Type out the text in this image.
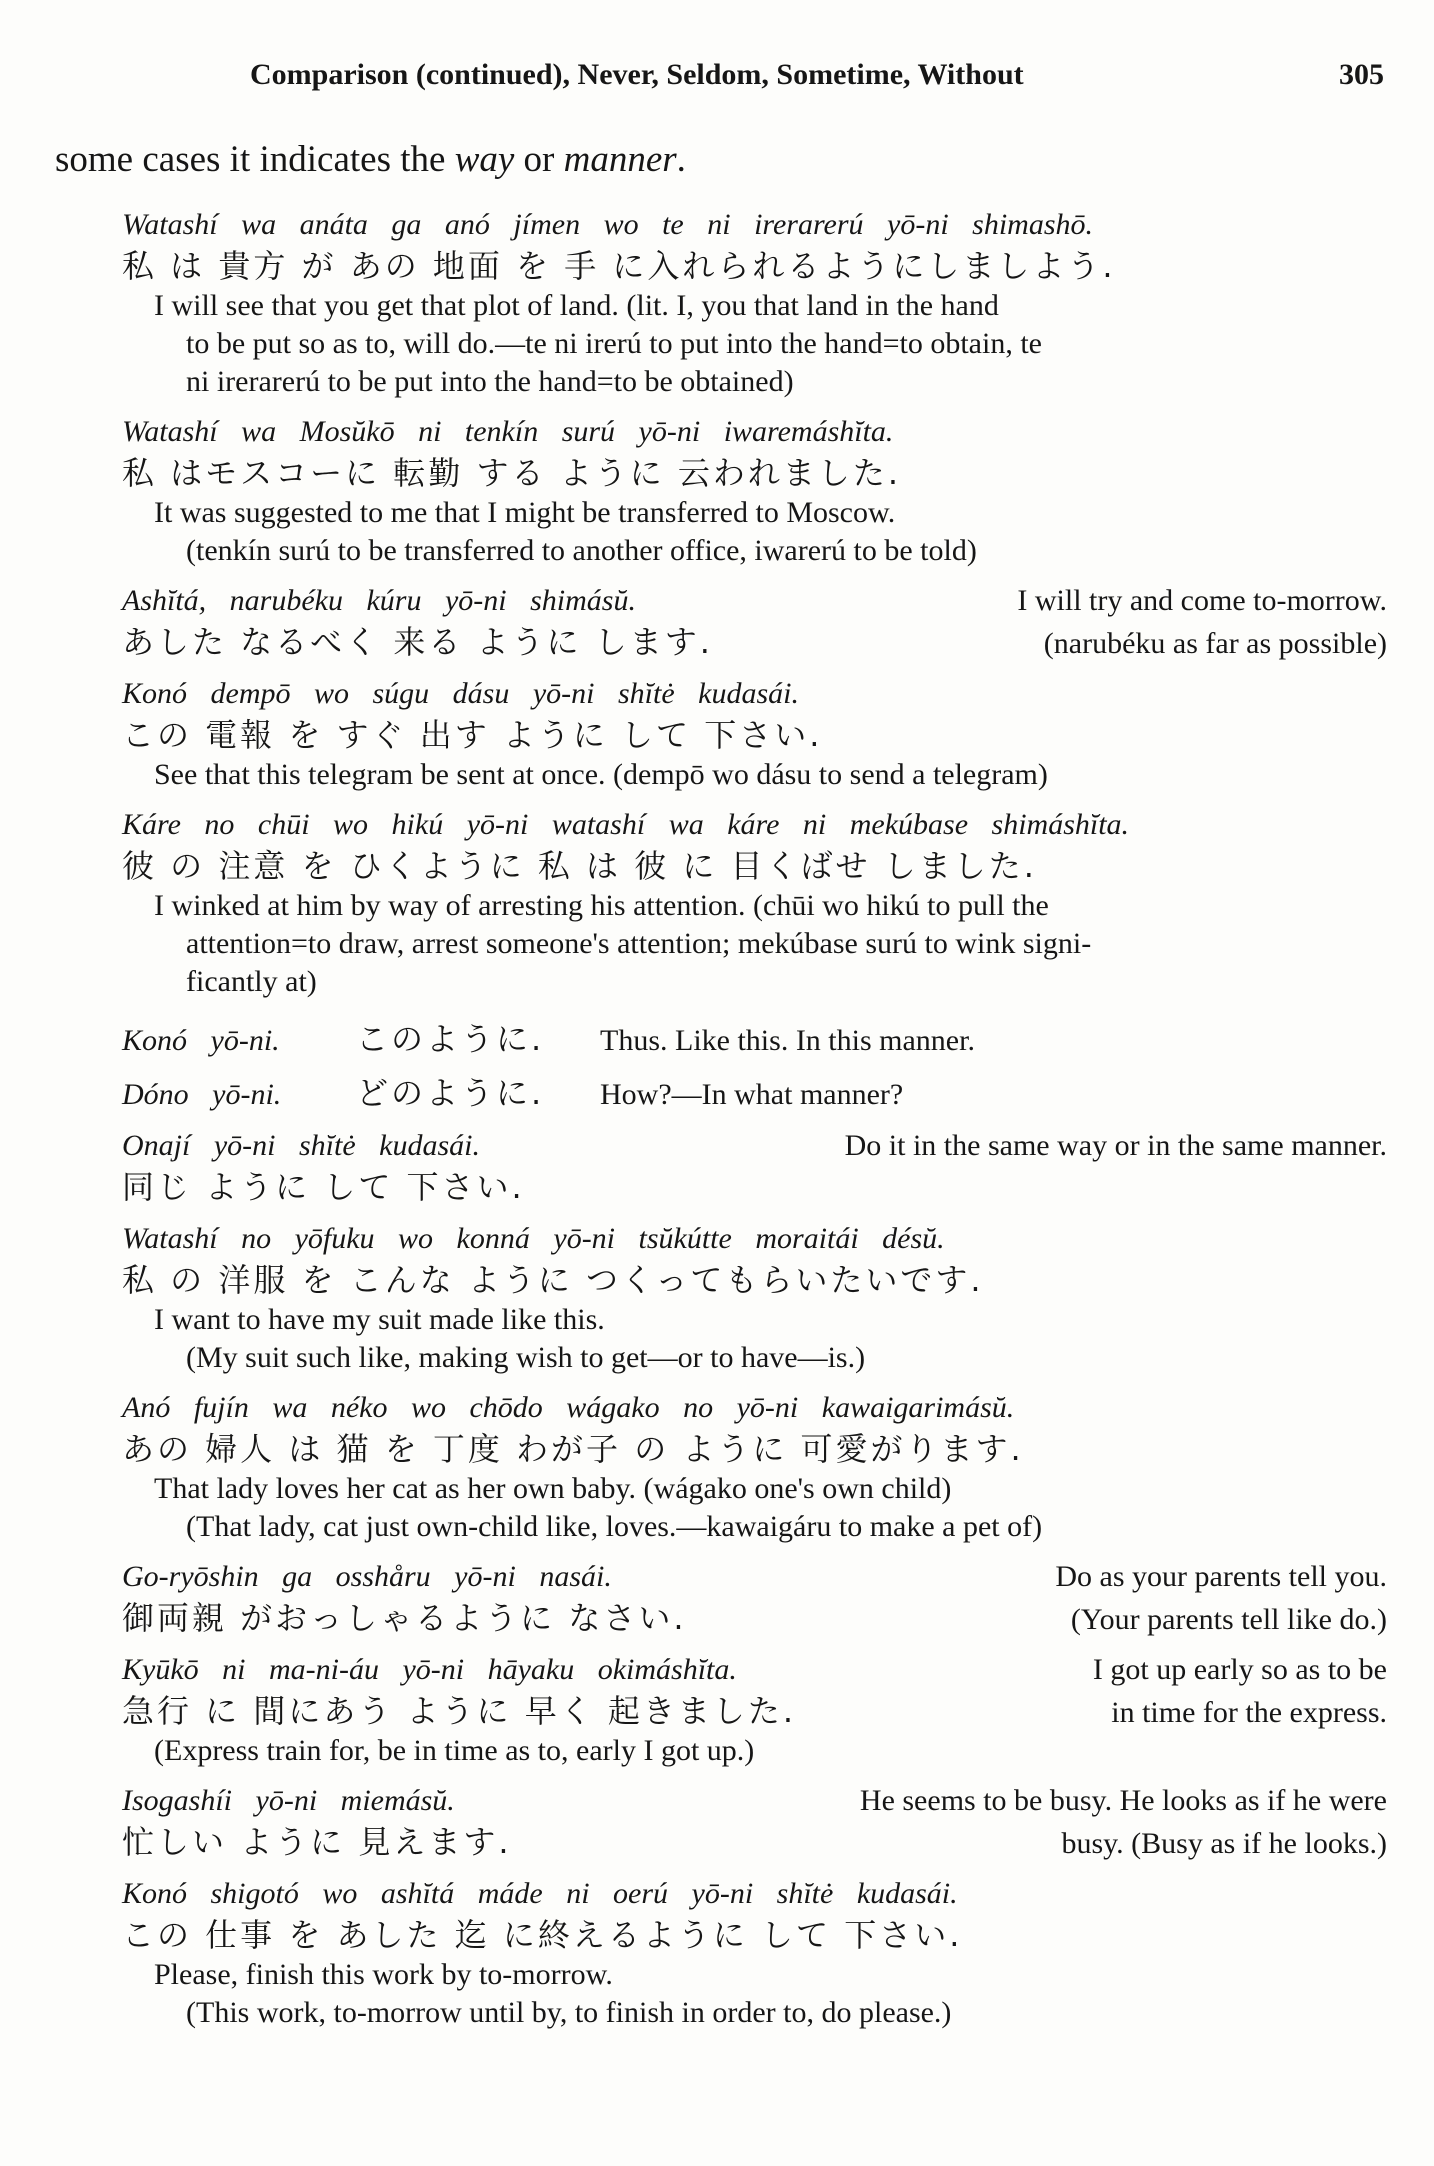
Comparison (continued), Never, Seldom, Sometime, Without	305
some cases it indicates the way or manner.
Watashí wa anáta ga anó jímen wo te ni irerarerú yō-ni shimashō.
私 は 貴方 が あの 地面 を 手 に入れられるようにしましよう.
I will see that you get that plot of land. (lit. I, you that land in the hand
to be put so as to, will do.—te ni irerú to put into the hand=to obtain, te
ni irerarerú to be put into the hand=to be obtained)
Watashí wa Mosŭkō ni tenkín surú yō-ni iwaremáshĭta.
私 はモスコーに 転勤 する ように 云われました.
It was suggested to me that I might be transferred to Moscow.
(tenkín surú to be transferred to another office, iwarerú to be told)
Ashĭtá, narubéku kúru yō-ni shimásŭ.	I will try and come to-morrow.
あした なるべく 来る ように します.	(narubéku as far as possible)
Konó dempō wo súgu dásu yō-ni shĭtė kudasái.
この 電報 を すぐ 出す ように して 下さい.
See that this telegram be sent at once. (dempō wo dásu to send a telegram)
Káre no chūi wo hikú yō-ni watashí wa káre ni mekúbase shimáshĭta.
彼 の 注意 を ひくように 私 は 彼 に 目くばせ しました.
I winked at him by way of arresting his attention. (chūi wo hikú to pull the
attention=to draw, arrest someone's attention; mekúbase surú to wink signi-
ficantly at)
Konó yō-ni. このように. Thus. Like this. In this manner.
Dóno yō-ni. どのように. How?—In what manner?
Onají yō-ni shĭtė kudasái.	Do it in the same way or in the same manner.
同じ ように して 下さい.
Watashí no yōfuku wo konná yō-ni tsŭkútte moraitái désŭ.
私 の 洋服 を こんな ように つくってもらいたいです.
I want to have my suit made like this.
(My suit such like, making wish to get—or to have—is.)
Anó fujín wa néko wo chōdo wágako no yō-ni kawaigarimásŭ.
あの 婦人 は 猫 を 丁度 わが子 の ように 可愛がります.
That lady loves her cat as her own baby. (wágako one's own child)
(That lady, cat just own-child like, loves.—kawaigáru to make a pet of)
Go-ryōshin ga osshåru yō-ni nasái.	Do as your parents tell you.
御両親 がおっしゃるように なさい.	(Your parents tell like do.)
Kyūkō ni ma-ni-áu yō-ni hāyaku okimáshĭta.	I got up early so as to be
急行 に 間にあう ように 早く 起きました.	in time for the express.
(Express train for, be in time as to, early I got up.)
Isogashíi yō-ni miemásŭ.	He seems to be busy. He looks as if he were
忙しい ように 見えます.	busy. (Busy as if he looks.)
Konó shigotó wo ashĭtá máde ni oerú yō-ni shĭtė kudasái.
この 仕事 を あした 迄 に終えるように して 下さい.
Please, finish this work by to-morrow.
(This work, to-morrow until by, to finish in order to, do please.)
